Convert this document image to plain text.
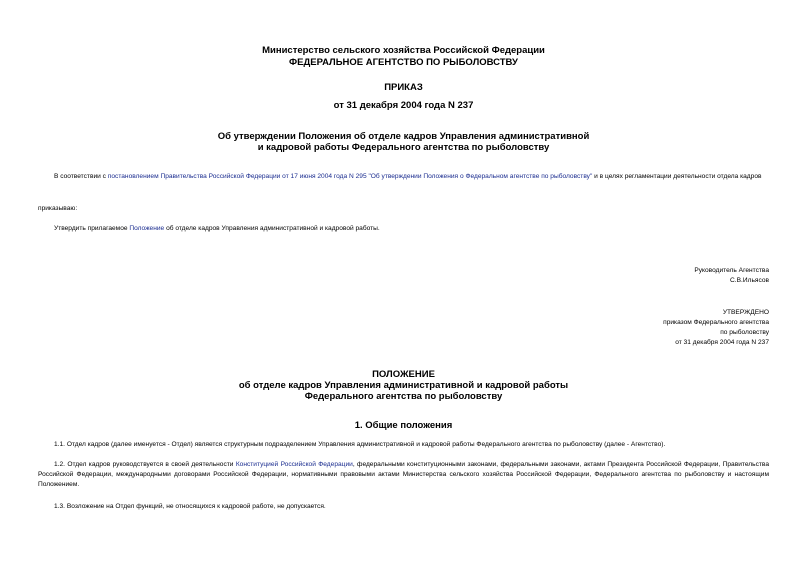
Министерство сельского хозяйства Российской Федерации
ФЕДЕРАЛЬНОЕ АГЕНТСТВО ПО РЫБОЛОВСТВУ
ПРИКАЗ
от 31 декабря 2004 года N 237
Об утверждении Положения об отделе кадров Управления административной
и кадровой работы Федерального агентства по рыболовству
В соответствии с постановлением Правительства Российской Федерации от 17 июня 2004 года N 295 "Об утверждении Положения о Федеральном агентстве по рыболовству" и в целях регламентации деятельности отдела кадров
приказываю:
Утвердить прилагаемое Положение об отделе кадров Управления административной и кадровой работы.
Руководитель Агентства
С.В.Ильясов
УТВЕРЖДЕНО
приказом Федерального агентства
по рыболовству
от 31 декабря 2004 года N 237
ПОЛОЖЕНИЕ
об отделе кадров Управления административной и кадровой работы
Федерального агентства по рыболовству
1. Общие положения
1.1. Отдел кадров (далее именуется - Отдел) является структурным подразделением Управления административной и кадровой работы Федерального агентства по рыболовству (далее - Агентство).
1.2. Отдел кадров руководствуется в своей деятельности Конституцией Российской Федерации, федеральными конституционными законами, федеральными законами, актами Президента Российской Федерации, Правительства Российской Федерации, международными договорами Российской Федерации, нормативными правовыми актами Министерства сельского хозяйства Российской Федерации, Федерального агентства по рыболовству и настоящим Положением.
1.3. Возложение на Отдел функций, не относящихся к кадровой работе, не допускается.
